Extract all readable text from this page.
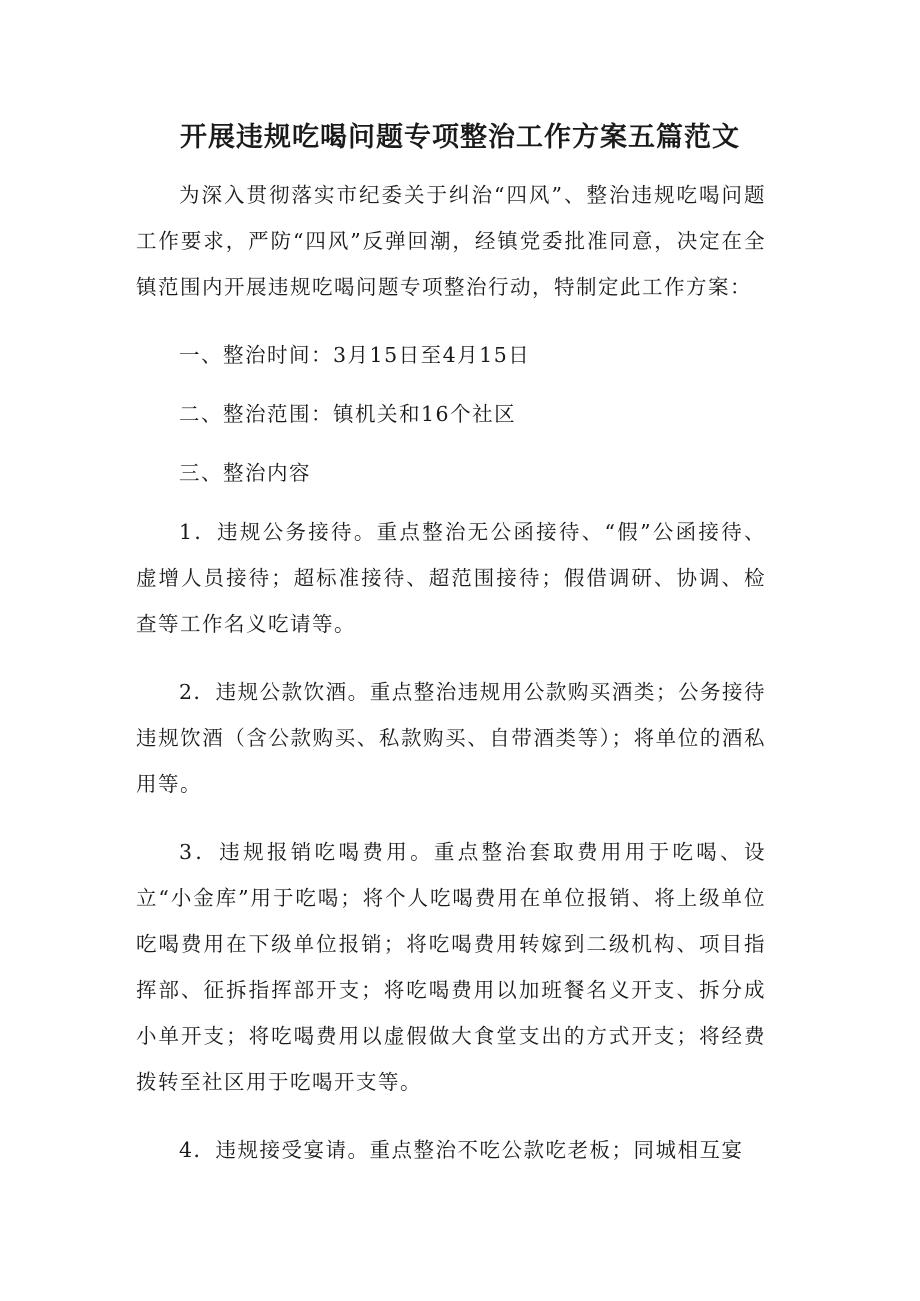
开展违规吃喝问题专项整治工作方案五篇范文

为深入贯彻落实市纪委关于纠治“四风”、整治违规吃喝问题工作要求，严防“四风”反弹回潮，经镇党委批准同意，决定在全镇范围内开展违规吃喝问题专项整治行动，特制定此工作方案：

一、整治时间：3月15日至4月15日

二、整治范围：镇机关和16个社区

三、整治内容

1．违规公务接待。重点整治无公函接待、“假”公函接待、虚增人员接待；超标准接待、超范围接待；假借调研、协调、检查等工作名义吃请等。

2．违规公款饮酒。重点整治违规用公款购买酒类；公务接待违规饮酒（含公款购买、私款购买、自带酒类等）；将单位的酒私用等。

3．违规报销吃喝费用。重点整治套取费用用于吃喝、设立“小金库”用于吃喝；将个人吃喝费用在单位报销、将上级单位吃喝费用在下级单位报销；将吃喝费用转嫁到二级机构、项目指挥部、征拆指挥部开支；将吃喝费用以加班餐名义开支、拆分成小单开支；将吃喝费用以虚假做大食堂支出的方式开支；将经费拨转至社区用于吃喝开支等。

4．违规接受宴请。重点整治不吃公款吃老板；同城相互宴
